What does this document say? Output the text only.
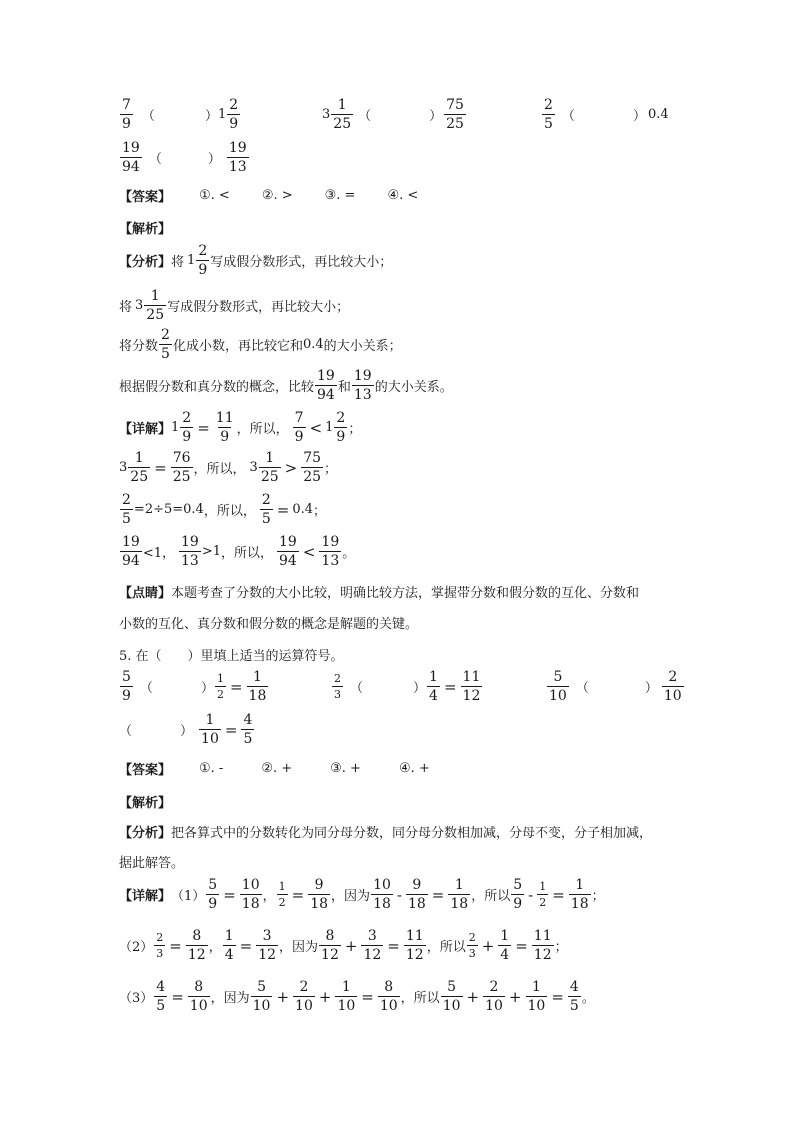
7
9 （	） 1
2
9
3
1
25 （	）
75
25
2
5 （	） 0.4
19
94 （	）
19
13
【答案】 ①. < ②. > ③. = ④. <
【解析】
【分析】 将 1
2
9 写成假分数形式，再比较大小；
将 3
1
25 写成假分数形式，再比较大小；
将分数
2
5 化成小数，再比较它和 0.4 的大小关系；
根据假分数和真分数的概念，比较
19
94 和
19
13 的大小关系。
【详解】 $1 \frac{2}{9} = \frac{11}{9}$ ，所以，
7
9
< 1
2
9 ；
$3 \frac{1}{25} = \frac{76}{25}$ ，所以， 3
1
25
>
75
25 ；
$\frac{2}{5} =2\div 5=0.4$ ，所以， $\frac{2}{5} = 0.4$ ；
19
94 <1，
19
13
>1 ，所以，
19
94
<
19
13 。
【点睛】 本题考查了分数的大小比较，明确比较方法，掌握带分数和假分数的互化、分数和
小数的互化、真分数和假分数的概念是解题的关键。
5. 在（　　）里填上适当的运算符号。
5
9 （	） $\frac{1}{2} = \frac{1}{18}$	2
3 （	） $\frac{1}{4} = \frac{11}{12}$	5
10 （	）
2
10
（	） $\frac{1}{10} = \frac{4}{5}$
【答案】 ①. -	②. +	③. +	④. +
【解析】
【分析】 把各算式中的分数转化为同分母分数，同分母分数相加减，分母不变，分子相加减，
据此解答。
【详解】 $(1) \frac{5}{9} = \frac{10}{18}$ ， $\frac{1}{2} = \frac{9}{18}$ ，因为
10
18
- $\frac{9}{18} = \frac{1}{18}$ ，所以
5
9
- $\frac{1}{2} = \frac{1}{18}$ ；
$(2) \frac{2}{3} = \frac{8}{12}$ ， $\frac{1}{4} = \frac{3}{12}$ ，因为
8
12
+ $\frac{3}{12} = \frac{11}{12}$ ，所以
2
$3 + \frac{1}{4} = \frac{11}{12}$ ；
$(3) \frac{4}{5} = \frac{8}{10}$ ，因为
5
10
+ $\frac{2}{10} + \frac{1}{10} = \frac{8}{10}$ ，所以
5
10
+ $\frac{2}{10} + \frac{1}{10} = \frac{4}{5}$ 。
